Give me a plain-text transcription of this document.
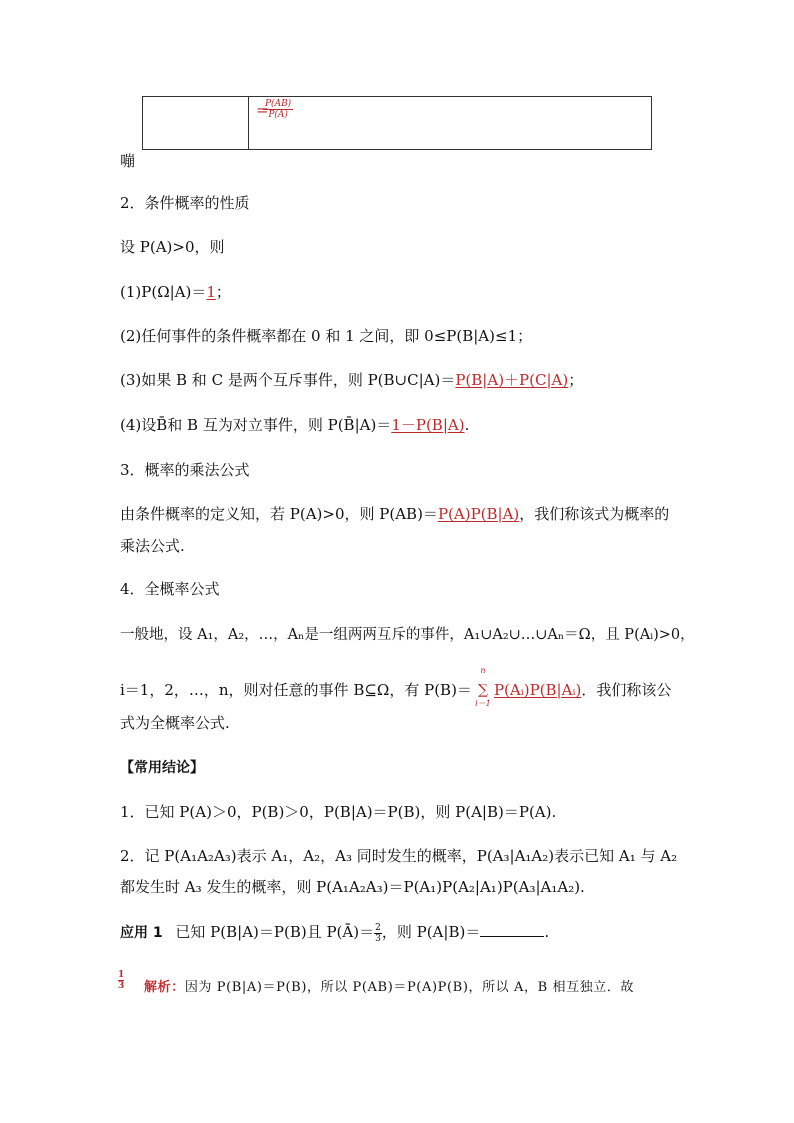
=
$\frac{P(AB)}{P(A)}$
嘣
2．条件概率的性质
设 P(A)>0，则
(1)P(Ω|A)＝1；
(2)任何事件的条件概率都在 0 和 1 之间，即 0≤P(B|A)≤1；
(3)如果 B 和 C 是两个互斥事件，则 P(B∪C|A)＝P(B|A)＋P(C|A)；
(4)设B̄和 B 互为对立事件，则 P(B̄|A)＝1－P(B|A).
3．概率的乘法公式
由条件概率的定义知，若 P(A)>0，则 P(AB)＝P(A)P(B|A)，我们称该式为概率的
乘法公式.
4．全概率公式
一般地，设 A₁，A₂，…，Aₙ是一组两两互斥的事件，A₁∪A₂∪…∪Aₙ＝Ω，且 P(Aᵢ)>0，
i＝1，2，…，n，则对任意的事件 B⊆Ω，有 P(B)＝
n
∑
i＝1
P(Aᵢ)P(B|Aᵢ)．我们称该公
式为全概率公式.
【常用结论】
1．已知 P(A)＞0，P(B)＞0，P(B|A)＝P(B)，则 P(A|B)＝P(A).
2．记 P(A₁A₂A₃)表示 A₁，A₂，A₃ 同时发生的概率，P(A₃|A₁A₂)表示已知 A₁ 与 A₂
都发生时 A₃ 发生的概率，则 P(A₁A₂A₃)＝P(A₁)P(A₂|A₁)P(A₃|A₁A₂).
应用 1 已知 P(B|A)＝P(B)且 P(Ā)＝ $\frac{2}{3}$ ，则 P(A|B)＝	.
$\frac{1}{3}$ 解析：因为 P(B|A)＝P(B)，所以 P(AB)＝P(A)P(B)，所以 A，B 相互独立．故
